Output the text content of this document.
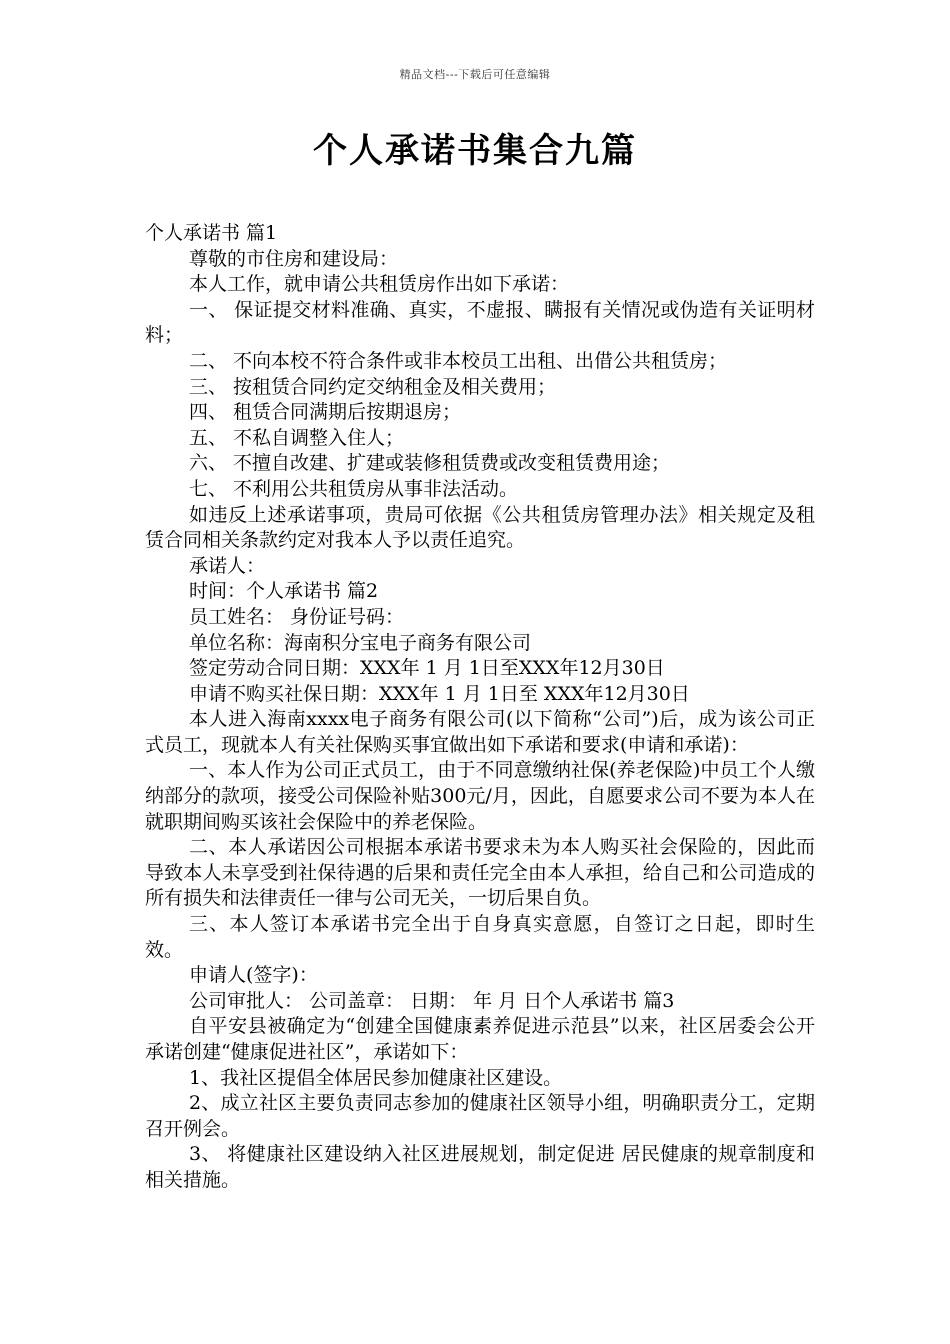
精品文档---下载后可任意编辑
个人承诺书集合九篇

个人承诺书 篇1

尊敬的市住房和建设局：

本人工作，就申请公共租赁房作出如下承诺：

一、 保证提交材料准确、真实，不虚报、瞒报有关情况或伪造有关证明材料；

二、 不向本校不符合条件或非本校员工出租、出借公共租赁房；

三、 按租赁合同约定交纳租金及相关费用；

四、 租赁合同满期后按期退房；

五、 不私自调整入住人；

六、 不擅自改建、扩建或装修租赁费或改变租赁费用途；

七、 不利用公共租赁房从事非法活动。

如违反上述承诺事项，贵局可依据《公共租赁房管理办法》相关规定及租赁合同相关条款约定对我本人予以责任追究。

承诺人：

时间：个人承诺书 篇2

员工姓名： 身份证号码：

单位名称：海南积分宝电子商务有限公司

签定劳动合同日期：XXX年 1 月 1日至XXX年12月30日

申请不购买社保日期：XXX年 1 月 1日至 XXX年12月30日

本人进入海南xxxx电子商务有限公司(以下简称“公司”)后，成为该公司正式员工，现就本人有关社保购买事宜做出如下承诺和要求(申请和承诺)：

一、本人作为公司正式员工，由于不同意缴纳社保(养老保险)中员工个人缴纳部分的款项，接受公司保险补贴300元/月，因此，自愿要求公司不要为本人在就职期间购买该社会保险中的养老保险。

二、本人承诺因公司根据本承诺书要求未为本人购买社会保险的，因此而导致本人未享受到社保待遇的后果和责任完全由本人承担，给自己和公司造成的所有损失和法律责任一律与公司无关，一切后果自负。

三、本人签订本承诺书完全出于自身真实意愿，自签订之日起，即时生效。

申请人(签字)：

公司审批人： 公司盖章： 日期： 年 月 日个人承诺书 篇3

自平安县被确定为“创建全国健康素养促进示范县”以来，社区居委会公开承诺创建“健康促进社区”，承诺如下：

1、我社区提倡全体居民参加健康社区建设。

2、成立社区主要负责同志参加的健康社区领导小组，明确职责分工，定期召开例会。

3、 将健康社区建设纳入社区进展规划，制定促进 居民健康的规章制度和相关措施。
